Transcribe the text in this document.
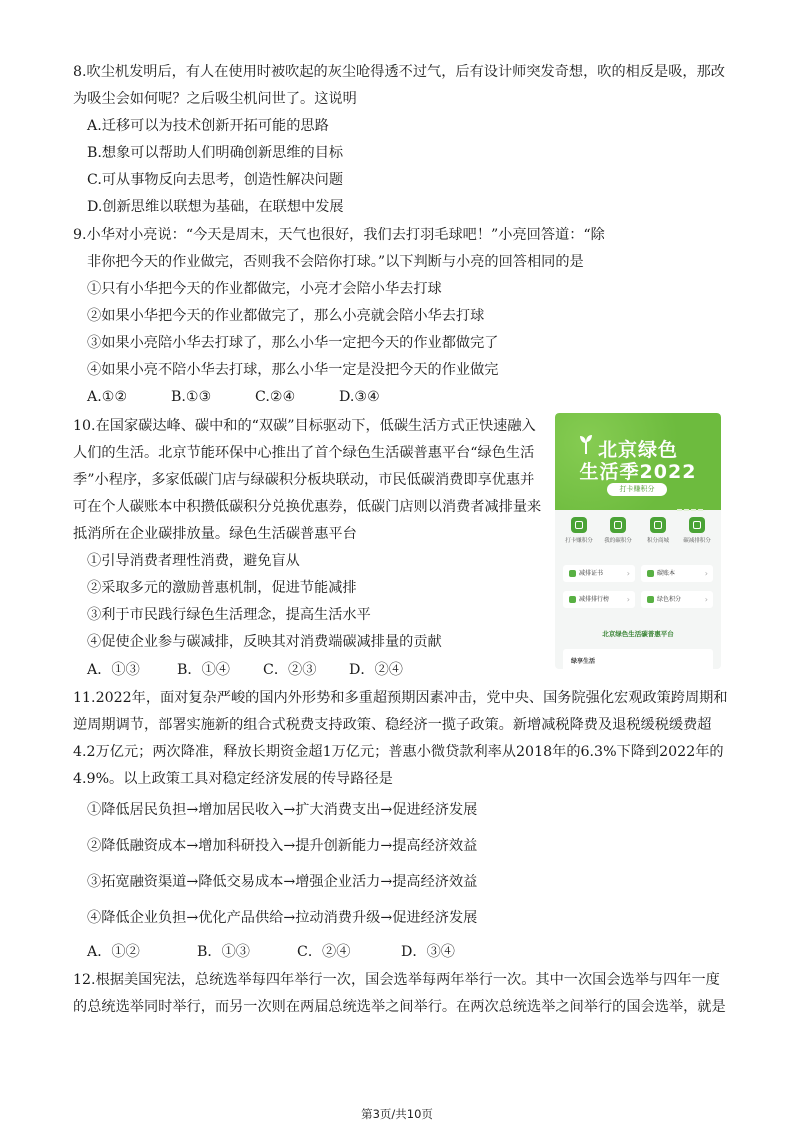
8.吹尘机发明后，有人在使用时被吹起的灰尘呛得透不过气，后有设计师突发奇想，吹的相反是吸，那改
为吸尘会如何呢？之后吸尘机问世了。这说明
A.迁移可以为技术创新开拓可能的思路
B.想象可以帮助人们明确创新思维的目标
C.可从事物反向去思考，创造性解决问题
D.创新思维以联想为基础，在联想中发展
9.小华对小亮说：“今天是周末，天气也很好，我们去打羽毛球吧！”小亮回答道：“除
非你把今天的作业做完，否则我不会陪你打球。”以下判断与小亮的回答相同的是
①只有小华把今天的作业都做完，小亮才会陪小华去打球
②如果小华把今天的作业都做完了，那么小亮就会陪小华去打球
③如果小亮陪小华去打球了，那么小华一定把今天的作业都做完了
④如果小亮不陪小华去打球，那么小华一定是没把今天的作业做完
A.①②	B.①③	C.②④	D.③④
10.在国家碳达峰、碳中和的“双碳”目标驱动下，低碳生活方式正快速融入
人们的生活。北京节能环保中心推出了首个绿色生活碳普惠平台“绿色生活
季”小程序，多家低碳门店与绿碳积分板块联动，市民低碳消费即享优惠并
可在个人碳账本中积攒低碳积分兑换优惠券，低碳门店则以消费者减排量来
抵消所在企业碳排放量。绿色生活碳普惠平台
①引导消费者理性消费，避免盲从
②采取多元的激励普惠机制，促进节能减排
③利于市民践行绿色生活理念，提高生活水平
④促使企业参与碳减排，反映其对消费端碳减排量的贡献
A．①③	B．①④ C．②③ D．②④
北京绿色
生活季2022
打卡赚积分
打卡赚积分	我的碳积分	积分商城	碳减排积分
减排证书	›	碳账本	›
减排排行榜 ›	绿色积分	›
北京绿色生活碳普惠平台
绿享生活
11.2022年，面对复杂严峻的国内外形势和多重超预期因素冲击，党中央、国务院强化宏观政策跨周期和
逆周期调节，部署实施新的组合式税费支持政策、稳经济一揽子政策。新增减税降费及退税缓税缓费超
4.2万亿元；两次降准，释放长期资金超1万亿元；普惠小微贷款利率从2018年的6.3%下降到2022年的
4.9%。以上政策工具对稳定经济发展的传导路径是
①降低居民负担→增加居民收入→扩大消费支出→促进经济发展
②降低融资成本→增加科研投入→提升创新能力→提高经济效益
③拓宽融资渠道→降低交易成本→增强企业活力→提高经济效益
④降低企业负担→优化产品供给→拉动消费升级→促进经济发展
A．①②	B．①③	C．②④	D．③④
12.根据美国宪法，总统选举每四年举行一次，国会选举每两年举行一次。其中一次国会选举与四年一度
的总统选举同时举行，而另一次则在两届总统选举之间举行。在两次总统选举之间举行的国会选举，就是
第3页/共10页
